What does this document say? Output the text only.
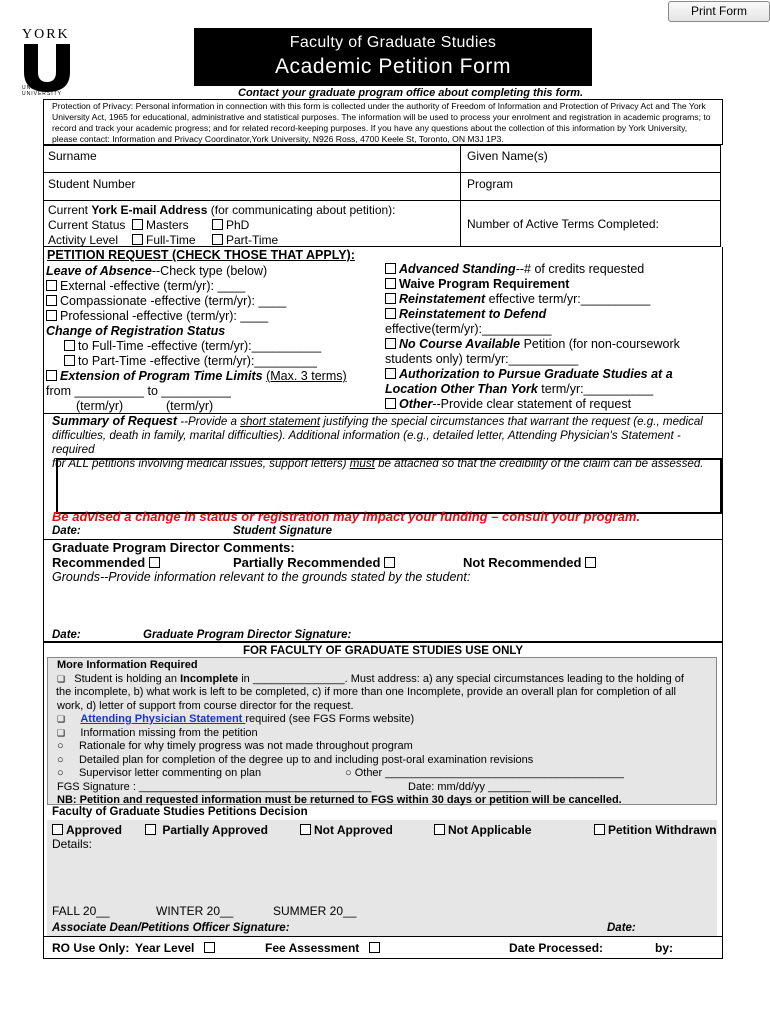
Print Form
YORK
UNIVERSITÉ
UNIVERSITY
Faculty of Graduate Studies
Academic Petition Form
Contact your graduate program office about completing this form.
Protection of Privacy: Personal information in connection with this form is collected under the authority of Freedom of Information and Protection of Privacy Act and The York University Act, 1965 for educational, administrative and statistical purposes. The information will be used to process your enrolment and registration in academic programs; to record and track your academic progress; and for related record-keeping purposes. If you have any questions about the collection of this information by York University, please contact: Information and Privacy Coordinator,York University, N926 Ross, 4700 Keele St, Toronto, ON M3J 1P3.
Surname	Given Name(s)
Student Number	Program
Current York E-mail Address (for communicating about petition):
Current Status	Masters	PhD
Activity Level	Full-Time	Part-Time
Number of Active Terms Completed:
PETITION REQUEST (CHECK THOSE THAT APPLY):
Leave of Absence--Check type (below)
External -effective (term/yr): ____
Compassionate -effective (term/yr): ____
Professional -effective (term/yr): ____
Change of Registration Status
to Full-Time -effective (term/yr):__________
to Part-Time -effective (term/yr):_________
Extension of Program Time Limits (Max. 3 terms)
from __________ to __________
(term/yr)	(term/yr)
Advanced Standing--# of credits requested
Waive Program Requirement
Reinstatement effective term/yr:__________
Reinstatement to Defend
effective(term/yr):__________
No Course Available Petition (for non-coursework
students only) term/yr:__________
Authorization to Pursue Graduate Studies at a
Location Other Than York term/yr:__________
Other--Provide clear statement of request
Summary of Request --Provide a short statement justifying the special circumstances that warrant the request (e.g., medical
difficulties, death in family, marital difficulties). Additional information (e.g., detailed letter, Attending Physician's Statement -required
for ALL petitions involving medical issues, support letters) must be attached so that the credibility of the claim can be assessed.
Be advised a change in status or registration may impact your funding – consult your program.
Date:	Student Signature
Graduate Program Director Comments:
Recommended	Partially Recommended	Not Recommended
Grounds--Provide information relevant to the grounds stated by the student:
Date:	Graduate Program Director Signature:
FOR FACULTY OF GRADUATE STUDIES USE ONLY
More Information Required
❑ Student is holding an Incomplete in _______________. Must address: a) any special circumstances leading to the holding of
the incomplete, b) what work is left to be completed, c) if more than one Incomplete, provide an overall plan for completion of all
work, d) letter of support from course director for the request.
❑ Attending Physician Statement required (see FGS Forms website)
❑ Information missing from the petition
○ Rationale for why timely progress was not made throughout program
○ Detailed plan for completion of the degree up to and including post-oral examination revisions
○ Supervisor letter commenting on plan	○ Other _______________________________________
FGS Signature : ______________________________________	Date: mm/dd/yy _______
NB: Petition and requested information must be returned to FGS within 30 days or petition will be cancelled.
Faculty of Graduate Studies Petitions Decision
Approved	Partially Approved	Not Approved	Not Applicable	Petition Withdrawn
Details:
FALL 20__	WINTER 20__	SUMMER 20__
Associate Dean/Petitions Officer Signature:	Date:
RO Use Only: Year Level	Fee Assessment	Date Processed:	by:
